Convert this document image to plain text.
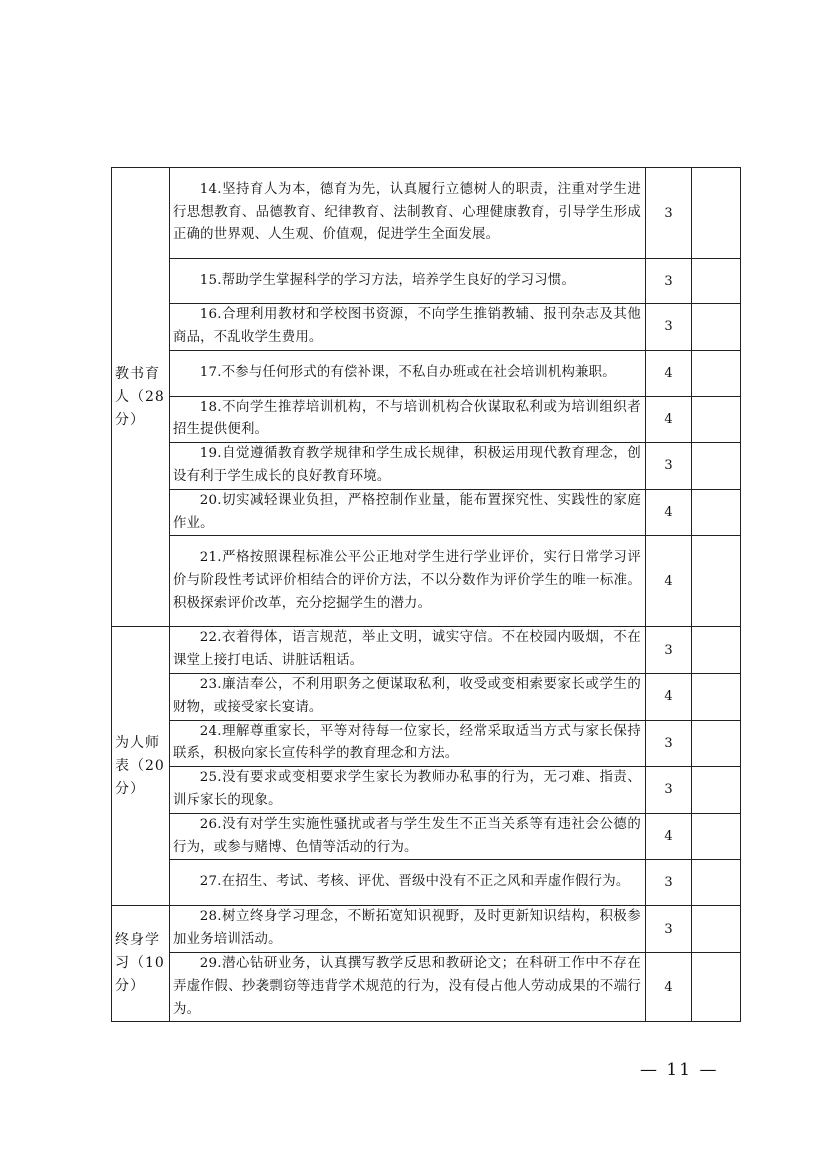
教书育人（28分）	14.坚持育人为本，德育为先，认真履行立德树人的职责，注重对学生进行思想教育、品德教育、纪律教育、法制教育、心理健康教育，引导学生形成正确的世界观、人生观、价值观，促进学生全面发展。	3	
	15.帮助学生掌握科学的学习方法，培养学生良好的学习习惯。	3	
	16.合理利用教材和学校图书资源，不向学生推销教辅、报刊杂志及其他商品，不乱收学生费用。	3	
	17.不参与任何形式的有偿补课，不私自办班或在社会培训机构兼职。	4	
	18.不向学生推荐培训机构，不与培训机构合伙谋取私利或为培训组织者招生提供便利。	4	
	19.自觉遵循教育教学规律和学生成长规律，积极运用现代教育理念，创设有利于学生成长的良好教育环境。	3	
	20.切实减轻课业负担，严格控制作业量，能布置探究性、实践性的家庭作业。	4	
	21.严格按照课程标准公平公正地对学生进行学业评价，实行日常学习评价与阶段性考试评价相结合的评价方法，不以分数作为评价学生的唯一标准。积极探索评价改革，充分挖掘学生的潜力。	4	
为人师表（20分）	22.衣着得体，语言规范，举止文明，诚实守信。不在校园内吸烟，不在课堂上接打电话、讲脏话粗话。	3	
	23.廉洁奉公，不利用职务之便谋取私利，收受或变相索要家长或学生的财物，或接受家长宴请。	4	
	24.理解尊重家长，平等对待每一位家长，经常采取适当方式与家长保持联系，积极向家长宣传科学的教育理念和方法。	3	
	25.没有要求或变相要求学生家长为教师办私事的行为，无刁难、指责、训斥家长的现象。	3	
	26.没有对学生实施性骚扰或者与学生发生不正当关系等有违社会公德的行为，或参与赌博、色情等活动的行为。	4	
	27.在招生、考试、考核、评优、晋级中没有不正之风和弄虚作假行为。	3	
终身学习（10分）	28.树立终身学习理念，不断拓宽知识视野，及时更新知识结构，积极参加业务培训活动。	3	
	29.潜心钻研业务，认真撰写教学反思和教研论文；在科研工作中不存在弄虚作假、抄袭剽窃等违背学术规范的行为，没有侵占他人劳动成果的不端行为。	4	
— 11 —
